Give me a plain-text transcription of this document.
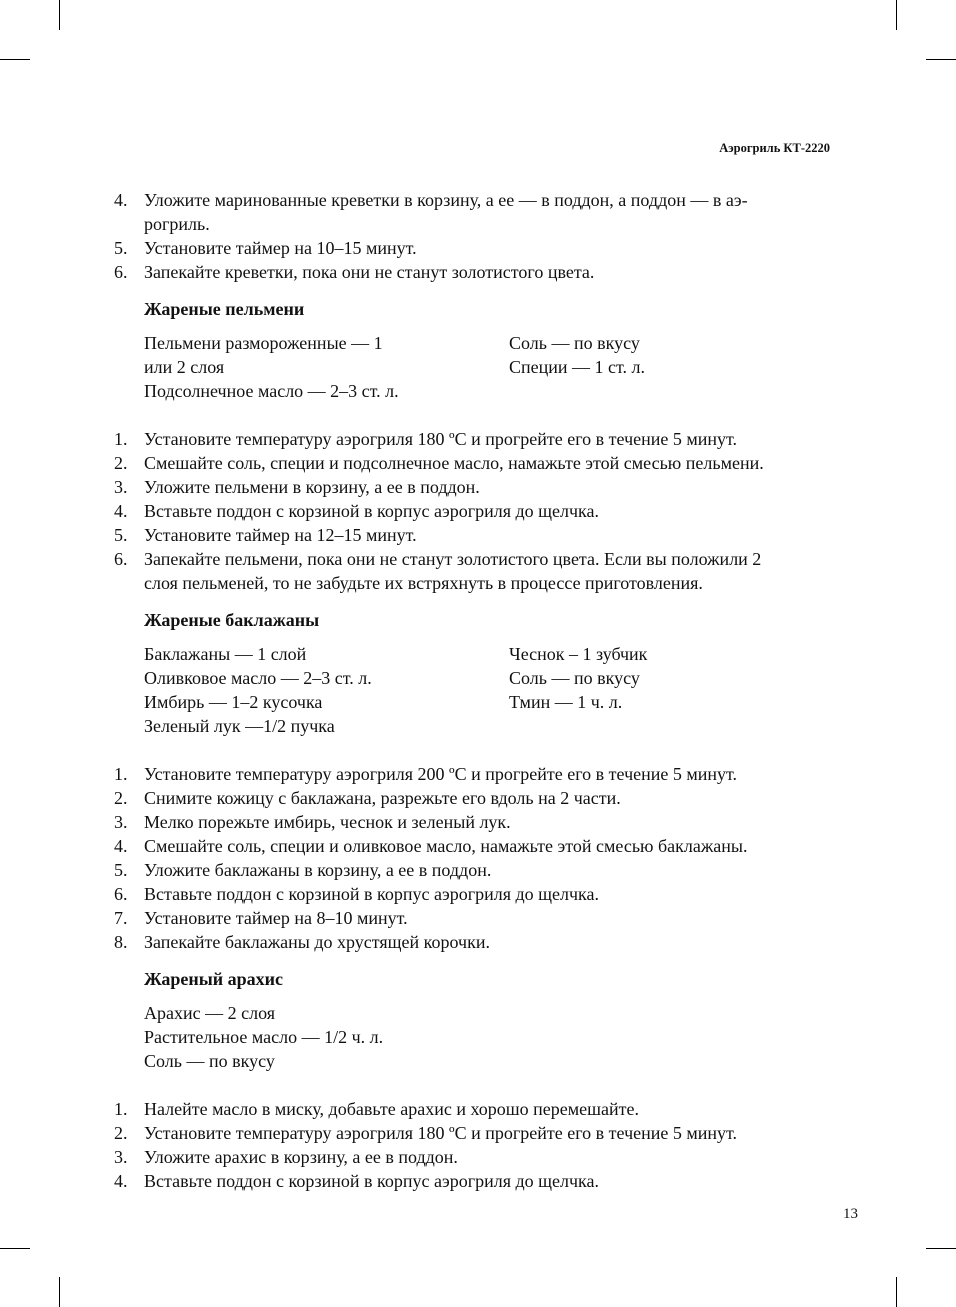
Аэрогриль КТ-2220
4. Уложите маринованные креветки в корзину, а ее — в поддон, а поддон — в аэ-
рогриль.
5. Установите таймер на 10–15 минут.
6. Запекайте креветки, пока они не станут золотистого цвета.
Жареные пельмени
Пельмени размороженные — 1
или 2 слоя
Подсолнечное масло — 2–3 ст. л.
Соль — по вкусу
Специи — 1 ст. л.
1. Установите температуру аэрогриля 180 ºС и прогрейте его в течение 5 минут.
2. Смешайте соль, специи и подсолнечное масло, намажьте этой смесью пельмени.
3. Уложите пельмени в корзину, а ее в поддон.
4. Вставьте поддон с корзиной в корпус аэрогриля до щелчка.
5. Установите таймер на 12–15 минут.
6. Запекайте пельмени, пока они не станут золотистого цвета. Если вы положили 2
слоя пельменей, то не забудьте их встряхнуть в процессе приготовления.
Жареные баклажаны
Баклажаны — 1 слой
Оливковое масло — 2–3 ст. л.
Имбирь — 1–2 кусочка
Зеленый лук —1/2 пучка
Чеснок – 1 зубчик
Соль — по вкусу
Тмин — 1 ч. л.
1. Установите температуру аэрогриля 200 ºС и прогрейте его в течение 5 минут.
2. Снимите кожицу с баклажана, разрежьте его вдоль на 2 части.
3. Мелко порежьте имбирь, чеснок и зеленый лук.
4. Смешайте соль, специи и оливковое масло, намажьте этой смесью баклажаны.
5. Уложите баклажаны в корзину, а ее в поддон.
6. Вставьте поддон с корзиной в корпус аэрогриля до щелчка.
7. Установите таймер на 8–10 минут.
8. Запекайте баклажаны до хрустящей корочки.
Жареный арахис
Арахис — 2 слоя
Растительное масло — 1/2 ч. л.
Соль — по вкусу
1. Налейте масло в миску, добавьте арахис и хорошо перемешайте.
2. Установите температуру аэрогриля 180 ºС и прогрейте его в течение 5 минут.
3. Уложите арахис в корзину, а ее в поддон.
4. Вставьте поддон с корзиной в корпус аэрогриля до щелчка.
13
